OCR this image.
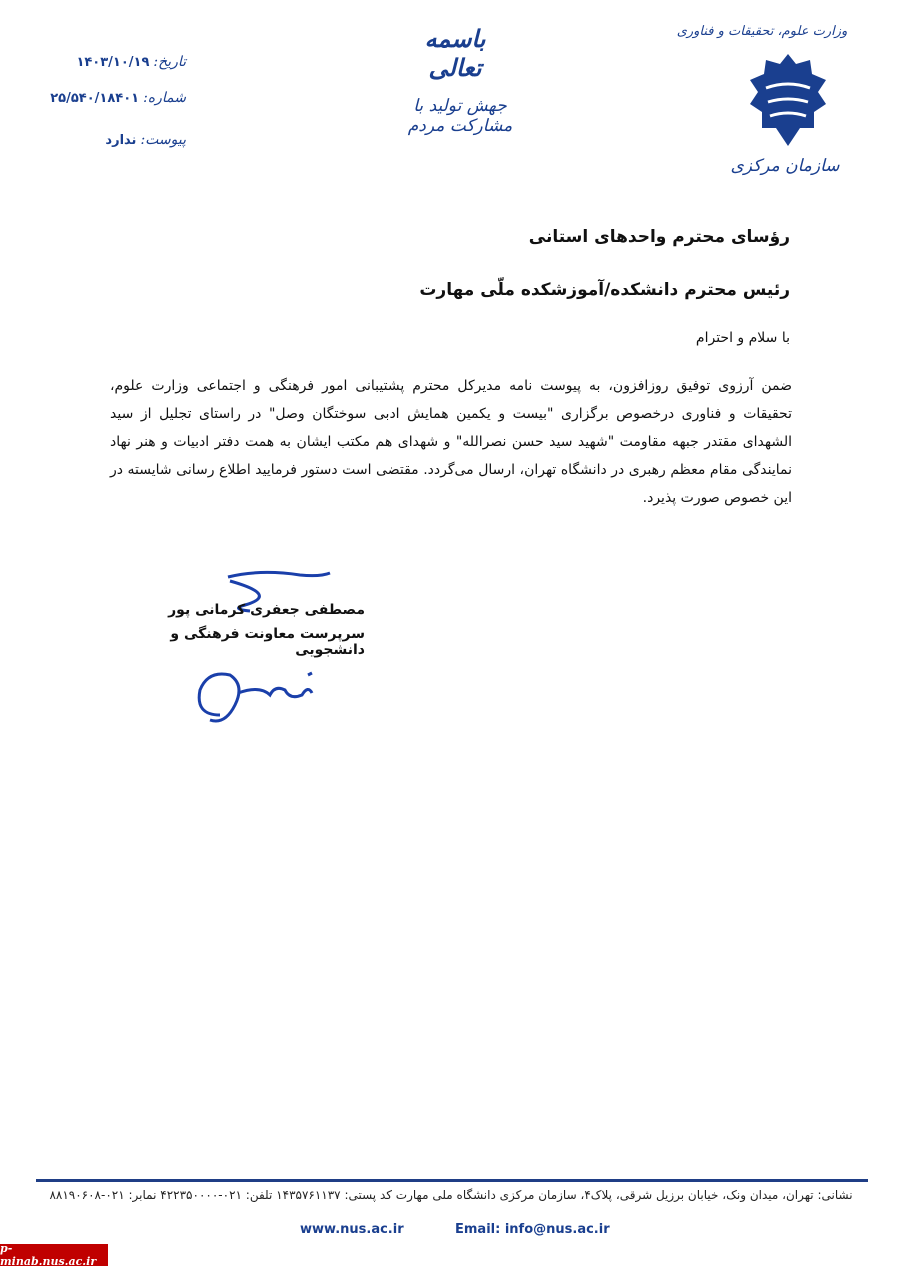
وزارت علوم، تحقیقات و فناوری
سازمان مرکزی
باسمه تعالی
جهش تولید با مشارکت مردم
تاریخ:
۱۴۰۳/۱۰/۱۹
شماره:
۲۵/۵۴۰/۱۸۴۰۱
پیوست:
ندارد
رؤسای محترم واحدهای استانی
رئیس محترم دانشکده/آموزشکده ملّی مهارت
با سلام و احترام
ضمن آرزوی توفیق روزافزون، به پیوست نامه مدیرکل محترم پشتیبانی امور فرهنگی و اجتماعی وزارت علوم، تحقیقات و فناوری درخصوص برگزاری "بیست و یکمین همایش ادبی سوختگان وصل" در راستای تجلیل از سید الشهدای مقتدر جبهه مقاومت "شهید سید حسن نصرالله" و شهدای هم مکتب ایشان به همت دفتر ادبیات و هنر نهاد نمایندگی مقام معظم رهبری در دانشگاه تهران، ارسال می‌گردد. مقتضی است دستور فرمایید اطلاع رسانی شایسته در این خصوص صورت پذیرد.
مصطفی جعفری کرمانی پور
سرپرست معاونت فرهنگی و دانشجویی
نشانی: تهران، میدان ونک، خیابان برزیل شرقی، پلاک۴، سازمان مرکزی دانشگاه ملی مهارت کد پستی: ۱۴۳۵۷۶۱۱۳۷ تلفن: ۰۲۱-۴۲۲۳۵۰۰۰۰ نمابر: ۰۲۱-۸۸۱۹۰۶۰۸
www.nus.ac.ir	Email: info@nus.ac.ir
p-minab.nus.ac.ir
